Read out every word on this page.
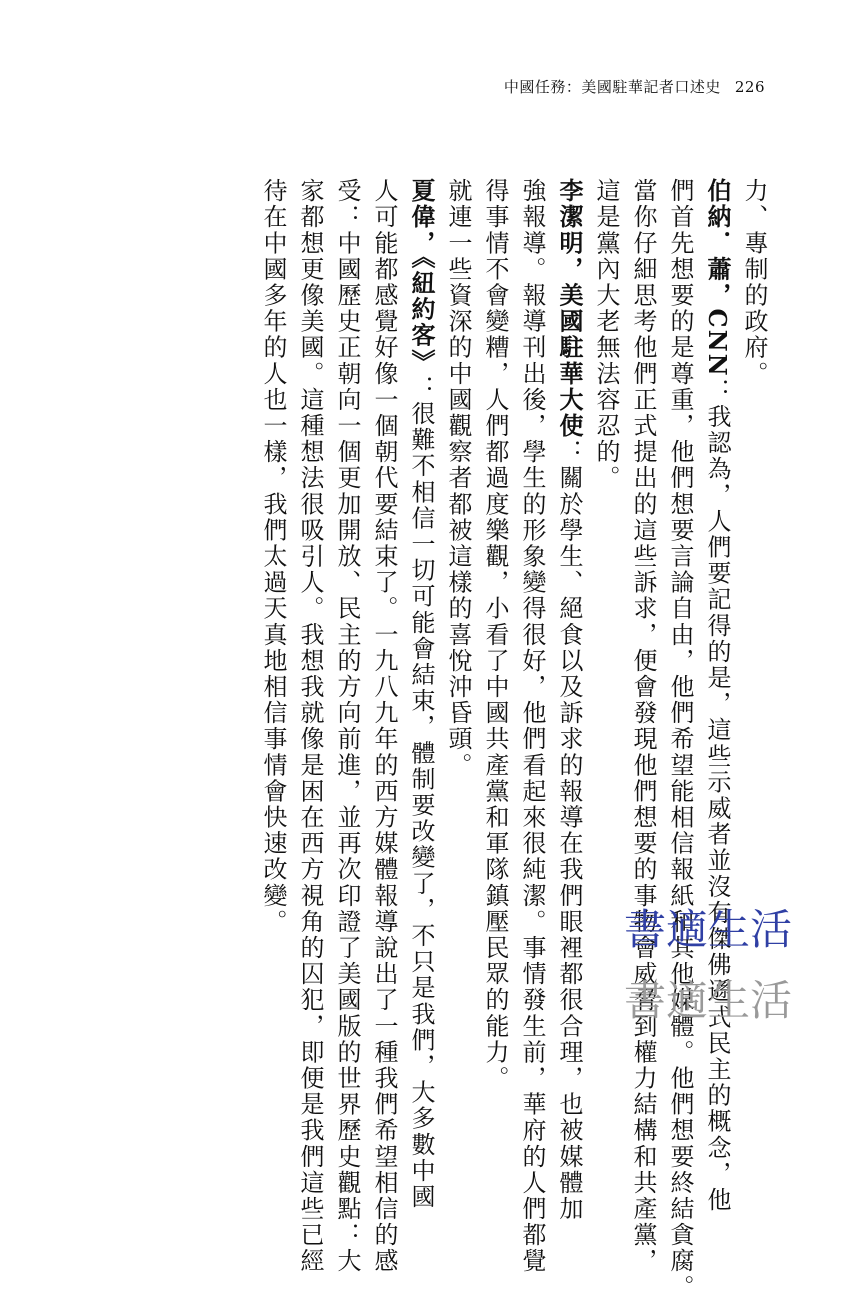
中國任務：美國駐華記者口述史 226
力、專制的政府。
伯納．蕭，CNN：我認為，人們要記得的是，這些示威者並沒有傑佛遜式民主的概念，他
們首先想要的是尊重，他們想要言論自由，他們希望能相信報紙和其他媒體。他們想要終結貪腐。
當你仔細思考他們正式提出的這些訴求，便會發現他們想要的事物會威脅到權力結構和共產黨，
這是黨內大老無法容忍的。
李潔明，美國駐華大使：關於學生、絕食以及訴求的報導在我們眼裡都很合理，也被媒體加
強報導。報導刊出後，學生的形象變得很好，他們看起來很純潔。事情發生前，華府的人們都覺
得事情不會變糟，人們都過度樂觀，小看了中國共產黨和軍隊鎮壓民眾的能力。
就連一些資深的中國觀察者都被這樣的喜悅沖昏頭。
夏偉，《紐約客》：很難不相信一切可能會結束，體制要改變了，不只是我們，大多數中國
人可能都感覺好像一個朝代要結束了。一九八九年的西方媒體報導說出了一種我們希望相信的感
受：中國歷史正朝向一個更加開放、民主的方向前進，並再次印證了美國版的世界歷史觀點：大
家都想更像美國。這種想法很吸引人。我想我就像是困在西方視角的囚犯，即便是我們這些已經
待在中國多年的人也一樣，我們太過天真地相信事情會快速改變。	書適生活
書適生活
